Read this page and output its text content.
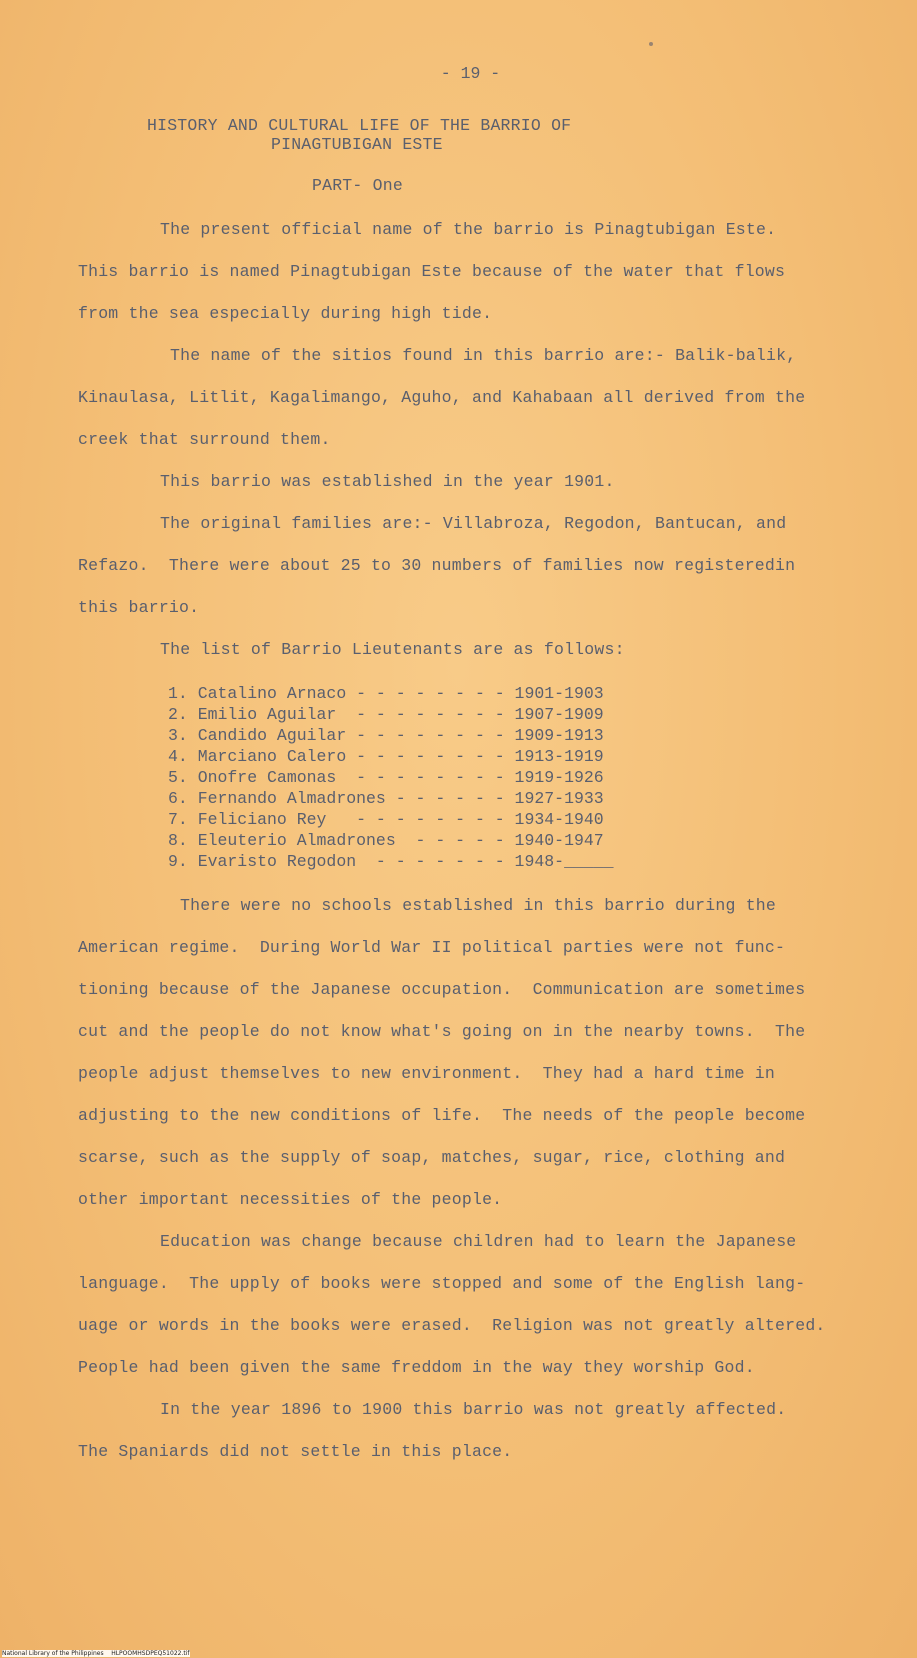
- 19 -
HISTORY AND CULTURAL LIFE OF THE BARRIO OF
PINAGTUBIGAN ESTE
PART- One
The present official name of the barrio is Pinagtubigan Este.
This barrio is named Pinagtubigan Este because of the water that flows
from the sea especially during high tide.
The name of the sitios found in this barrio are:- Balik-balik,
Kinaulasa, Litlit, Kagalimango, Aguho, and Kahabaan all derived from the
creek that surround them.
This barrio was established in the year 1901.
The original families are:- Villabroza, Regodon, Bantucan, and
Refazo.  There were about 25 to 30 numbers of families now registeredin
this barrio.
The list of Barrio Lieutenants are as follows:
1. Catalino Arnaco - - - - - - - - 1901-1903
2. Emilio Aguilar  - - - - - - - - 1907-1909
3. Candido Aguilar - - - - - - - - 1909-1913
4. Marciano Calero - - - - - - - - 1913-1919
5. Onofre Camonas  - - - - - - - - 1919-1926
6. Fernando Almadrones - - - - - - 1927-1933
7. Feliciano Rey   - - - - - - - - 1934-1940
8. Eleuterio Almadrones  - - - - - 1940-1947
9. Evaristo Regodon  - - - - - - - 1948-_____
There were no schools established in this barrio during the
American regime.  During World War II political parties were not func-
tioning because of the Japanese occupation.  Communication are sometimes
cut and the people do not know what's going on in the nearby towns.  The
people adjust themselves to new environment.  They had a hard time in
adjusting to the new conditions of life.  The needs of the people become
scarse, such as the supply of soap, matches, sugar, rice, clothing and
other important necessities of the people.
Education was change because children had to learn the Japanese
language.  The upply of books were stopped and some of the English lang-
uage or words in the books were erased.  Religion was not greatly altered.
People had been given the same freddom in the way they worship God.
In the year 1896 to 1900 this barrio was not greatly affected.
The Spaniards did not settle in this place.
National Library of the Philippines    HLPOOMHSDPEQ51022.tif
